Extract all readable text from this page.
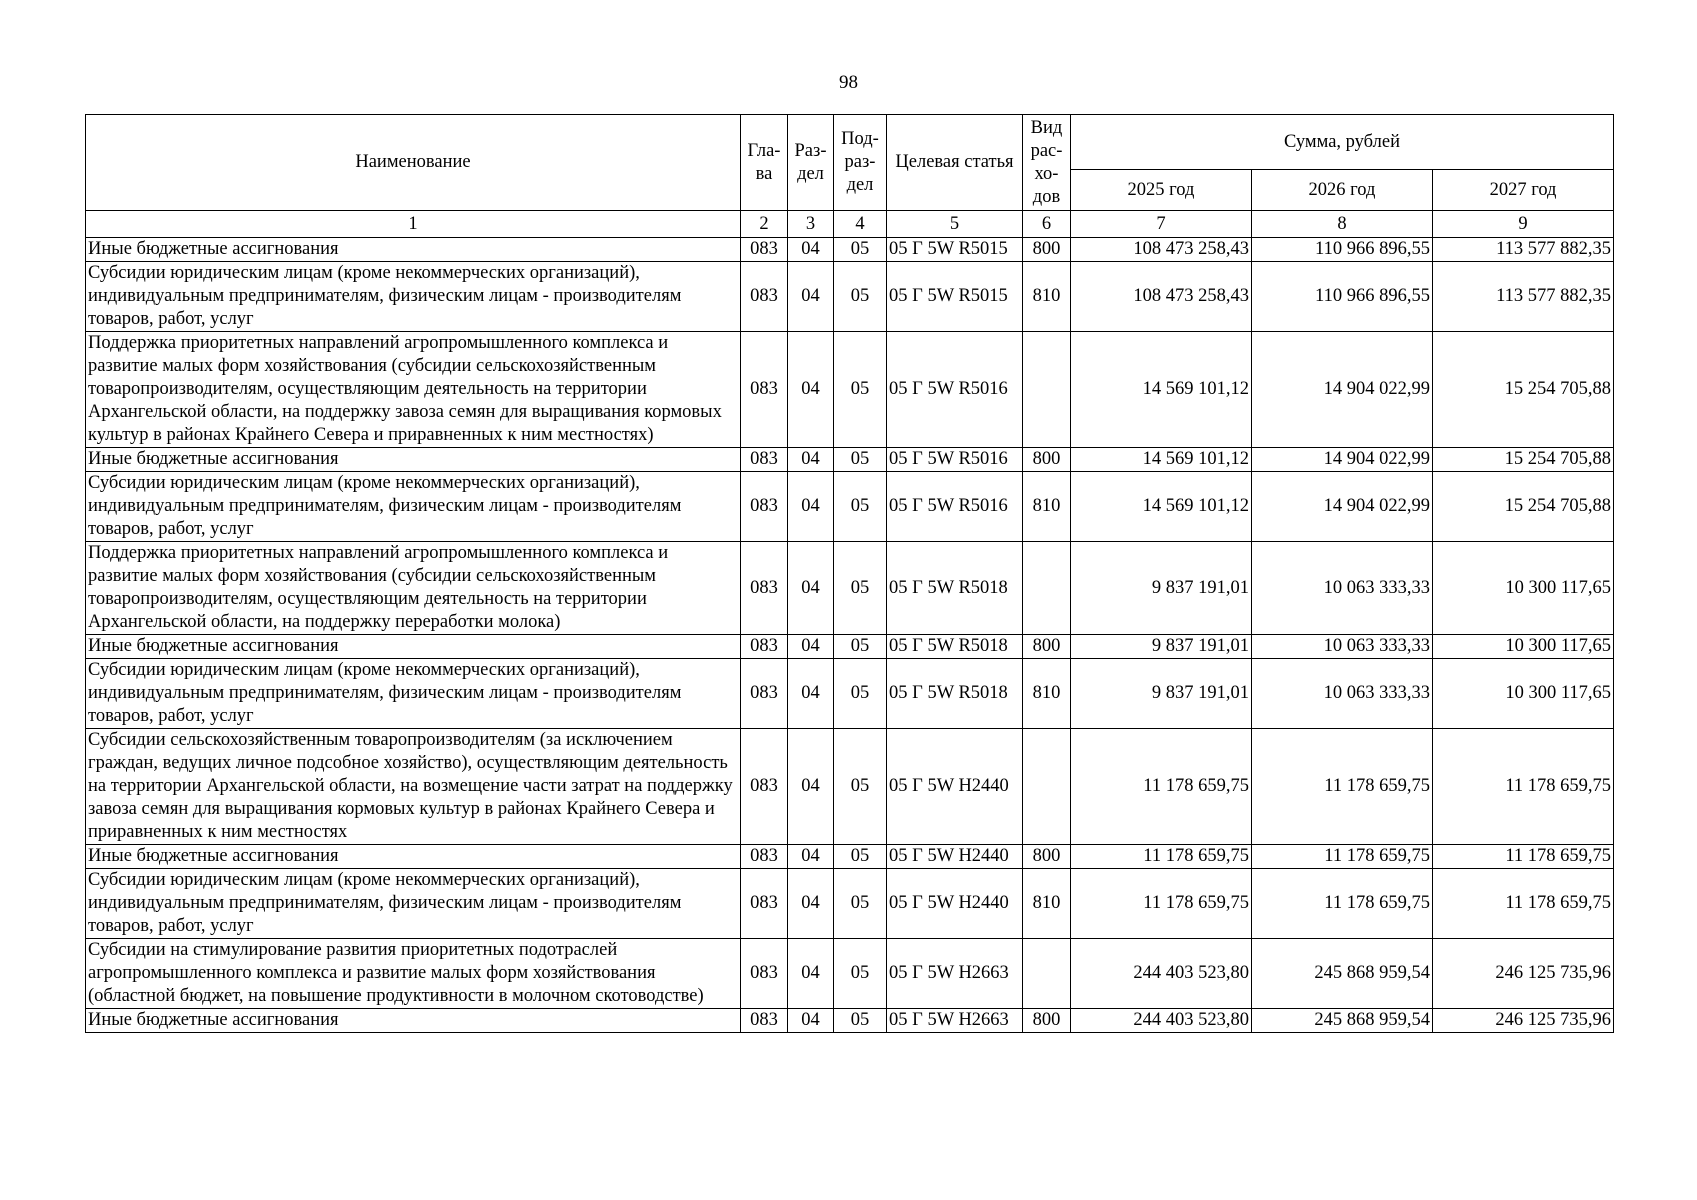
98
Наименование	Гла-ва	Раз-дел	Под-раз-дел	Целевая статья	Вид рас-хо-дов	Сумма, рублей		
						2025 год	2026 год	2027 год
1	2	3	4	5	6	7	8	9
Иные бюджетные ассигнования	083	04	05	05 Г 5W R5015	800	108 473 258,43	110 966 896,55	113 577 882,35
Субсидии юридическим лицам (кроме некоммерческих организаций), индивидуальным предпринимателям, физическим лицам - производителям товаров, работ, услуг	083	04	05	05 Г 5W R5015	810	108 473 258,43	110 966 896,55	113 577 882,35
Поддержка приоритетных направлений агропромышленного комплекса и развитие малых форм хозяйствования (субсидии сельскохозяйственным товаропроизводителям, осуществляющим деятельность на территории Архангельской области, на поддержку завоза семян для выращивания кормовых культур в районах Крайнего Севера и приравненных к ним местностях)	083	04	05	05 Г 5W R5016		14 569 101,12	14 904 022,99	15 254 705,88
Иные бюджетные ассигнования	083	04	05	05 Г 5W R5016	800	14 569 101,12	14 904 022,99	15 254 705,88
Субсидии юридическим лицам (кроме некоммерческих организаций), индивидуальным предпринимателям, физическим лицам - производителям товаров, работ, услуг	083	04	05	05 Г 5W R5016	810	14 569 101,12	14 904 022,99	15 254 705,88
Поддержка приоритетных направлений агропромышленного комплекса и развитие малых форм хозяйствования (субсидии сельскохозяйственным товаропроизводителям, осуществляющим деятельность на территории Архангельской области, на поддержку переработки молока)	083	04	05	05 Г 5W R5018		9 837 191,01	10 063 333,33	10 300 117,65
Иные бюджетные ассигнования	083	04	05	05 Г 5W R5018	800	9 837 191,01	10 063 333,33	10 300 117,65
Субсидии юридическим лицам (кроме некоммерческих организаций), индивидуальным предпринимателям, физическим лицам - производителям товаров, работ, услуг	083	04	05	05 Г 5W R5018	810	9 837 191,01	10 063 333,33	10 300 117,65
Субсидии сельскохозяйственным товаропроизводителям (за исключением граждан, ведущих личное подсобное хозяйство), осуществляющим деятельность на территории Архангельской области, на возмещение части затрат на поддержку завоза семян для выращивания кормовых культур в районах Крайнего Севера и приравненных к ним местностях	083	04	05	05 Г 5W H2440		11 178 659,75	11 178 659,75	11 178 659,75
Иные бюджетные ассигнования	083	04	05	05 Г 5W H2440	800	11 178 659,75	11 178 659,75	11 178 659,75
Субсидии юридическим лицам (кроме некоммерческих организаций), индивидуальным предпринимателям, физическим лицам - производителям товаров, работ, услуг	083	04	05	05 Г 5W H2440	810	11 178 659,75	11 178 659,75	11 178 659,75
Субсидии на стимулирование развития приоритетных подотраслей агропромышленного комплекса и развитие малых форм хозяйствования (областной бюджет, на повышение продуктивности в молочном скотоводстве)	083	04	05	05 Г 5W H2663		244 403 523,80	245 868 959,54	246 125 735,96
Иные бюджетные ассигнования	083	04	05	05 Г 5W H2663	800	244 403 523,80	245 868 959,54	246 125 735,96
